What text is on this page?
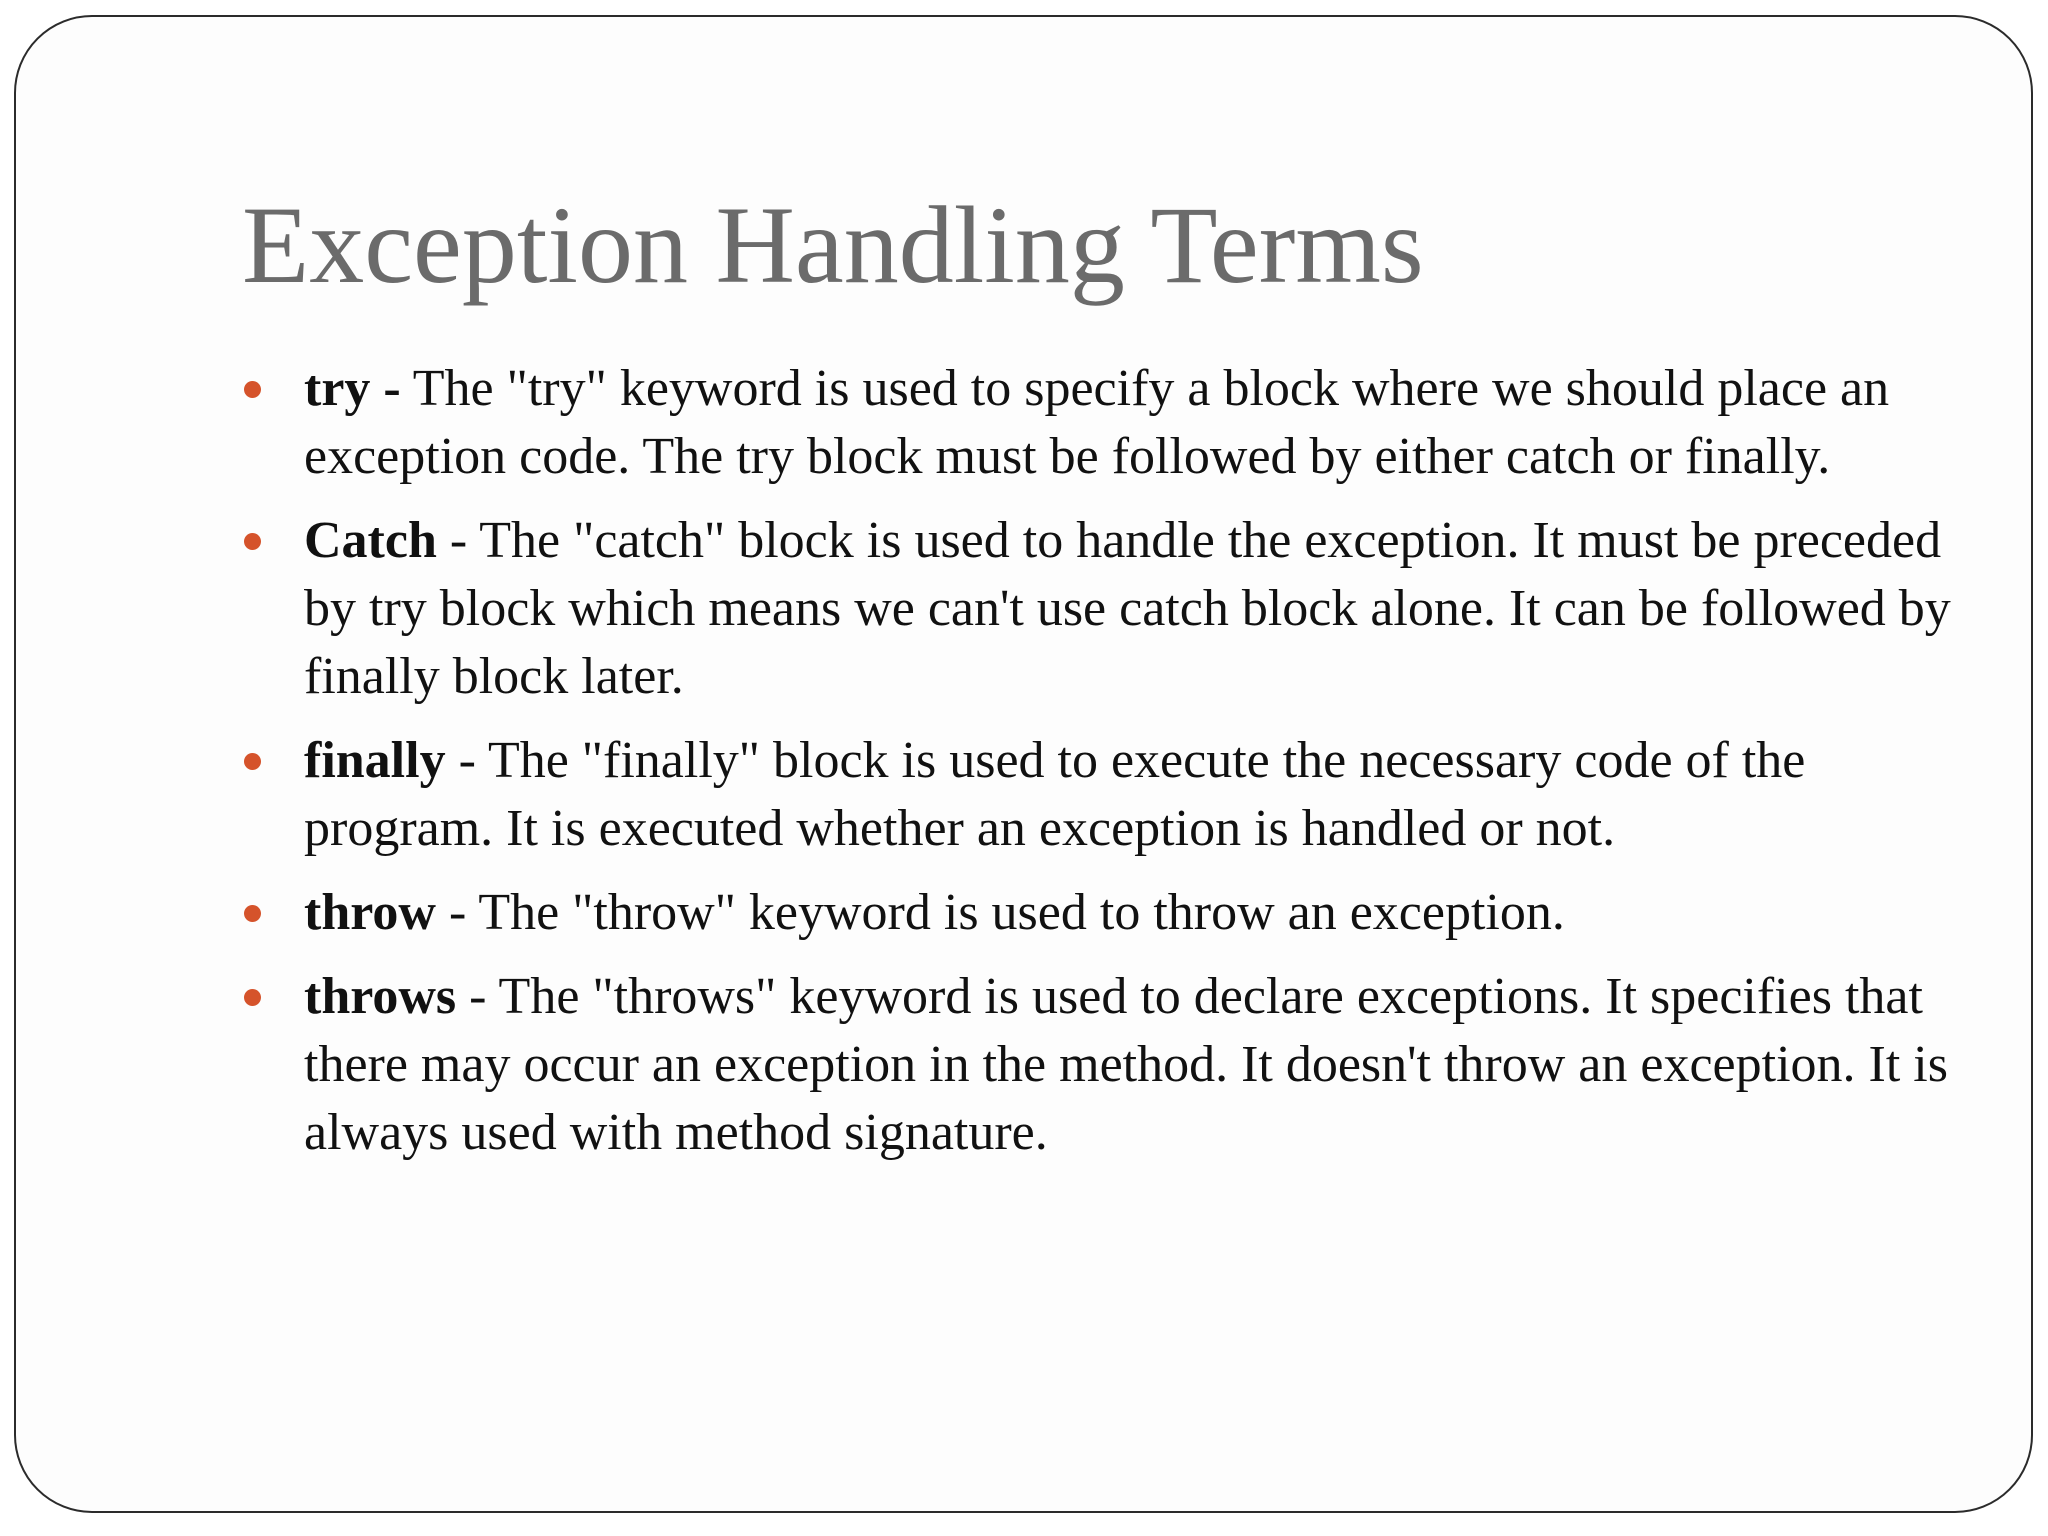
Exception Handling Terms
try - The "try" keyword is used to specify a block where we should place an exception code. The try block must be followed by either catch or finally.
Catch - The "catch" block is used to handle the exception. It must be preceded by try block which means we can't use catch block alone. It can be followed by finally block later.
finally - The "finally" block is used to execute the necessary code of the program. It is executed whether an exception is handled or not.
throw - The "throw" keyword is used to throw an exception.
throws - The "throws" keyword is used to declare exceptions. It specifies that there may occur an exception in the method. It doesn't throw an exception. It is always used with method signature.
